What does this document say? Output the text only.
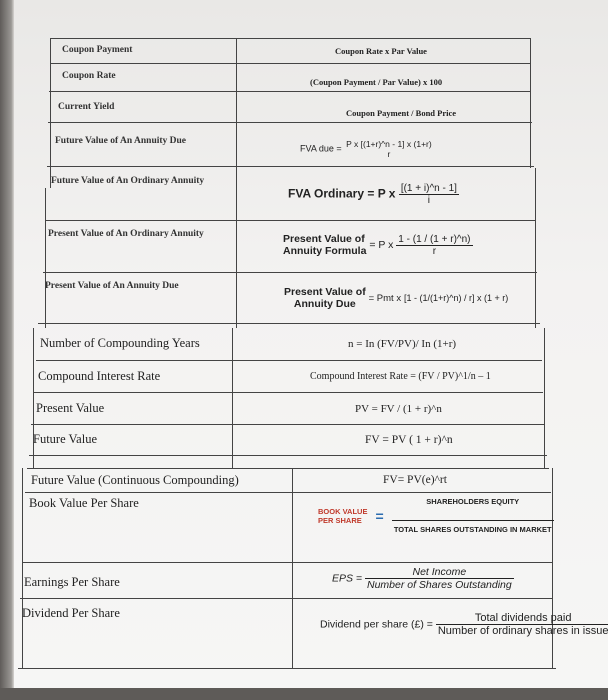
Coupon Payment
Coupon Rate
Current Yield
Future Value of An Annuity Due
Future Value of An Ordinary Annuity
Present Value of An Ordinary Annuity
Present Value of An Annuity Due
Number of Compounding Years
Compound Interest Rate
Present Value
Future Value
Future Value (Continuous Compounding)
Book Value Per Share
Earnings Per Share
Dividend Per Share
Coupon Rate x Par Value
(Coupon Payment / Par Value) x 100
Coupon Payment / Bond Price
FVA due = P x [(1+r)^n - 1] x (1+r)
r
FVA Ordinary = P x $\frac{[(1 + i)\^{}n - 1]}{i}$
Present Value of
Annuity Formula
= P x $\frac{1 - (1 / (1 + r)\^{}n)}{r}$
Present Value of
Annuity Due	= Pmt x [1 - (1/(1+r)^n) / r] x (1 + r)
n = In (FV/PV)/ In (1+r)
Compound Interest Rate = (FV / PV)^1/n – 1
PV = FV / (1 + r)^n
FV = PV ( 1 + r)^n
FV= PV(e)^rt
BOOK VALUE
PER SHARE = $\frac{\text{SHAREHOLDERS EQUITY}}{\text{TOTAL SHARES OUTSTANDING IN MARKET}}$
EPS = $\frac{\text{Net Income}}{\text{Number of Shares Outstanding}}$
Dividend per share (£) = $\frac{\text{Total dividends paid}}{\text{Number of ordinary shares in issue}}$
